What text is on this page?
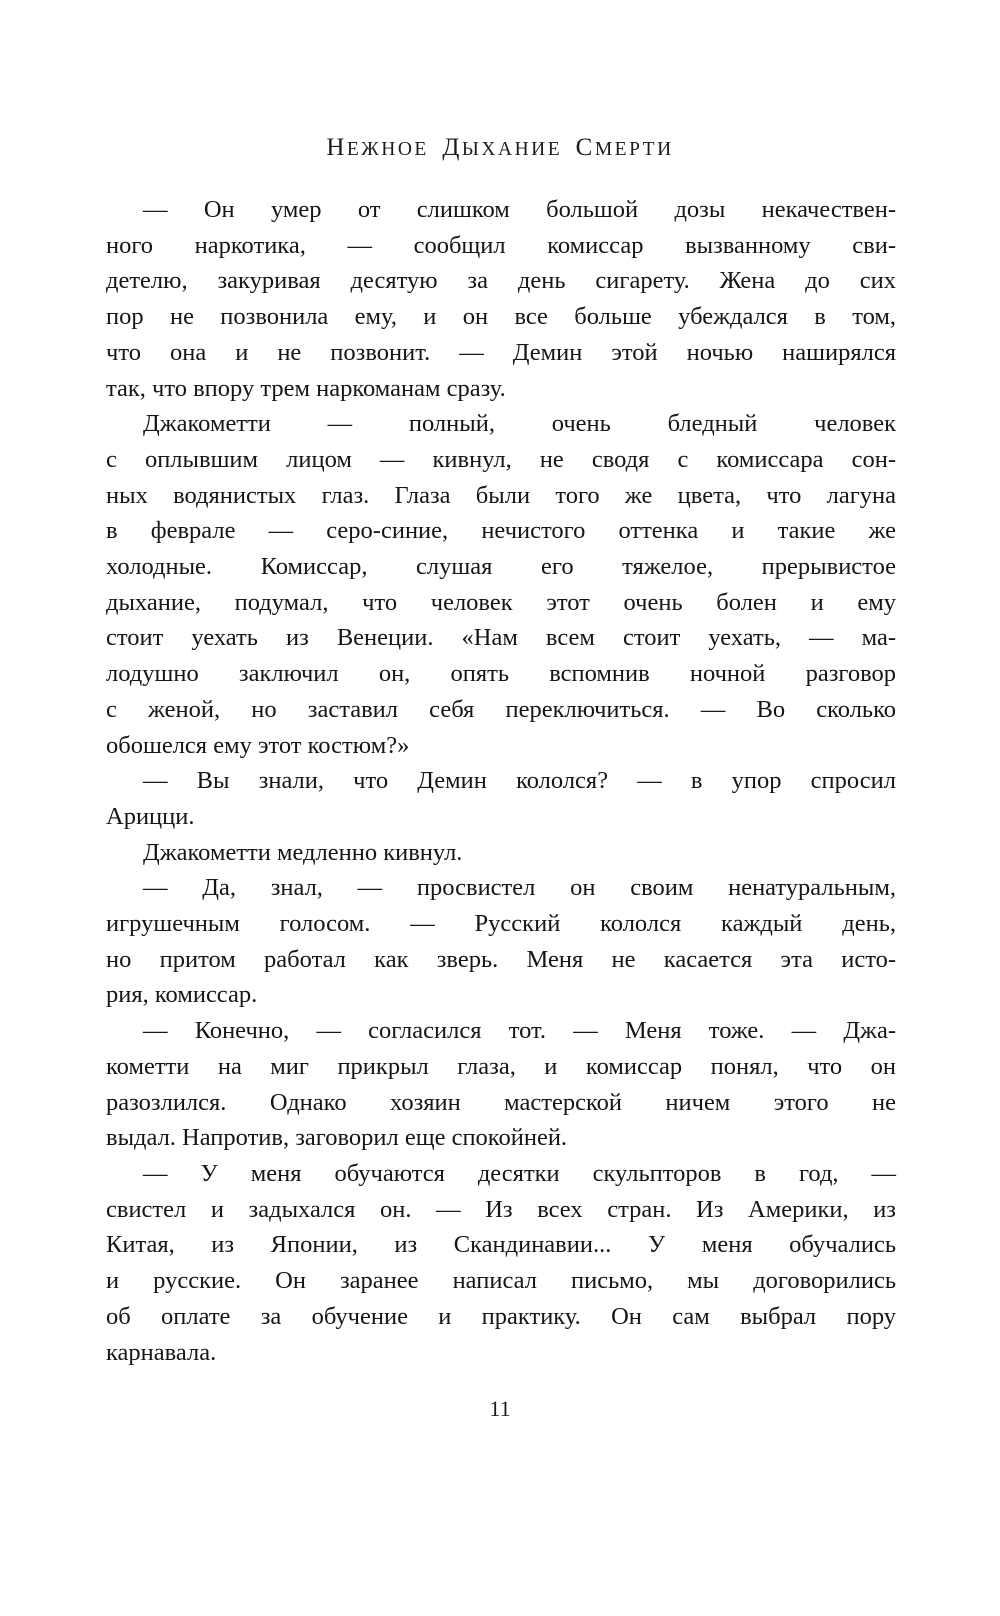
НЕЖНОЕ ДЫХАНИЕ СМЕРТИ
— Он умер от слишком большой дозы некачествен-
ного наркотика, — сообщил комиссар вызванному сви-
детелю, закуривая десятую за день сигарету. Жена до сих
пор не позвонила ему, и он все больше убеждался в том,
что она и не позвонит. — Демин этой ночью наширялся
так, что впору трем наркоманам сразу.
Джакометти — полный, очень бледный человек
с оплывшим лицом — кивнул, не сводя с комиссара сон-
ных водянистых глаз. Глаза были того же цвета, что лагуна
в феврале — серо-синие, нечистого оттенка и такие же
холодные. Комиссар, слушая его тяжелое, прерывистое
дыхание, подумал, что человек этот очень болен и ему
стоит уехать из Венеции. «Нам всем стоит уехать, — ма-
лодушно заключил он, опять вспомнив ночной разговор
с женой, но заставил себя переключиться. — Во сколько
обошелся ему этот костюм?»
— Вы знали, что Демин кололся? — в упор спросил
Арицци.
Джакометти медленно кивнул.
— Да, знал, — просвистел он своим ненатуральным,
игрушечным голосом. — Русский кололся каждый день,
но притом работал как зверь. Меня не касается эта исто-
рия, комиссар.
— Конечно, — согласился тот. — Меня тоже. — Джа-
кометти на миг прикрыл глаза, и комиссар понял, что он
разозлился. Однако хозяин мастерской ничем этого не
выдал. Напротив, заговорил еще спокойней.
— У меня обучаются десятки скульпторов в год, —
свистел и задыхался он. — Из всех стран. Из Америки, из
Китая, из Японии, из Скандинавии... У меня обучались
и русские. Он заранее написал письмо, мы договорились
об оплате за обучение и практику. Он сам выбрал пору
карнавала.
11
